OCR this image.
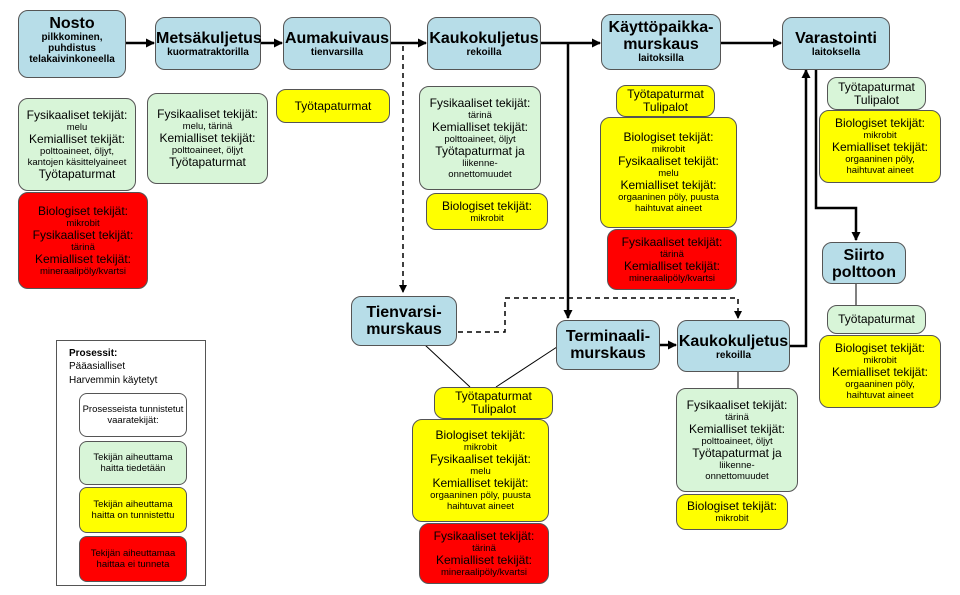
Nosto
pilkkominen,
puhdistus
telakaivinkoneella
Metsäkuljetus
kuormatraktorilla
Aumakuivaus
tienvarsilla
Kaukokuljetus
rekoilla
Käyttöpaikka-
murskaus
laitoksilla
Varastointi
laitoksella
Siirto
polttoon
Tienvarsi-
murskaus	Terminaali-
murskaus
Kaukokuljetus
rekoilla
Fysikaaliset tekijät:
melu
Kemialliset tekijät:
polttoaineet, öljyt,
kantojen käsittelyaineet
Työtapaturmat
Biologiset tekijät:
mikrobit
Fysikaaliset tekijät:
tärinä
Kemialliset tekijät:
mineraalipöly/kvartsi
Fysikaaliset tekijät:
melu, tärinä
Kemialliset tekijät:
polttoaineet, öljyt
Työtapaturmat
Työtapaturmat	Fysikaaliset tekijät:
tärinä
Kemialliset tekijät:
polttoaineet, öljyt
Työtapaturmat ja
liikenne-
onnettomuudet
Biologiset tekijät:
mikrobit
Työtapaturmat
Tulipalot
Biologiset tekijät:
mikrobit
Fysikaaliset tekijät:
melu
Kemialliset tekijät:
orgaaninen pöly, puusta
haihtuvat aineet
Fysikaaliset tekijät:
tärinä
Kemialliset tekijät:
mineraalipöly/kvartsi
Työtapaturmat
Tulipalot
Biologiset tekijät:
mikrobit
Kemialliset tekijät:
orgaaninen pöly,
haihtuvat aineet
Työtapaturmat
Biologiset tekijät:
mikrobit
Kemialliset tekijät:
orgaaninen pöly,
haihtuvat aineet
Työtapaturmat
Tulipalot
Biologiset tekijät:
mikrobit
Fysikaaliset tekijät:
melu
Kemialliset tekijät:
orgaaninen pöly, puusta
haihtuvat aineet
Fysikaaliset tekijät:
tärinä
Kemialliset tekijät:
mineraalipöly/kvartsi
Fysikaaliset tekijät:
tärinä
Kemialliset tekijät:
polttoaineet, öljyt
Työtapaturmat ja
liikenne-
onnettomuudet
Biologiset tekijät:
mikrobit
Prosessit:
Pääasialliset
Harvemmin käytetyt
Prosesseista tunnistetut vaaratekijät:
Tekijän aiheuttama haitta tiedetään
Tekijän aiheuttama haitta on tunnistettu
Tekijän aiheuttamaa haittaa ei tunneta
